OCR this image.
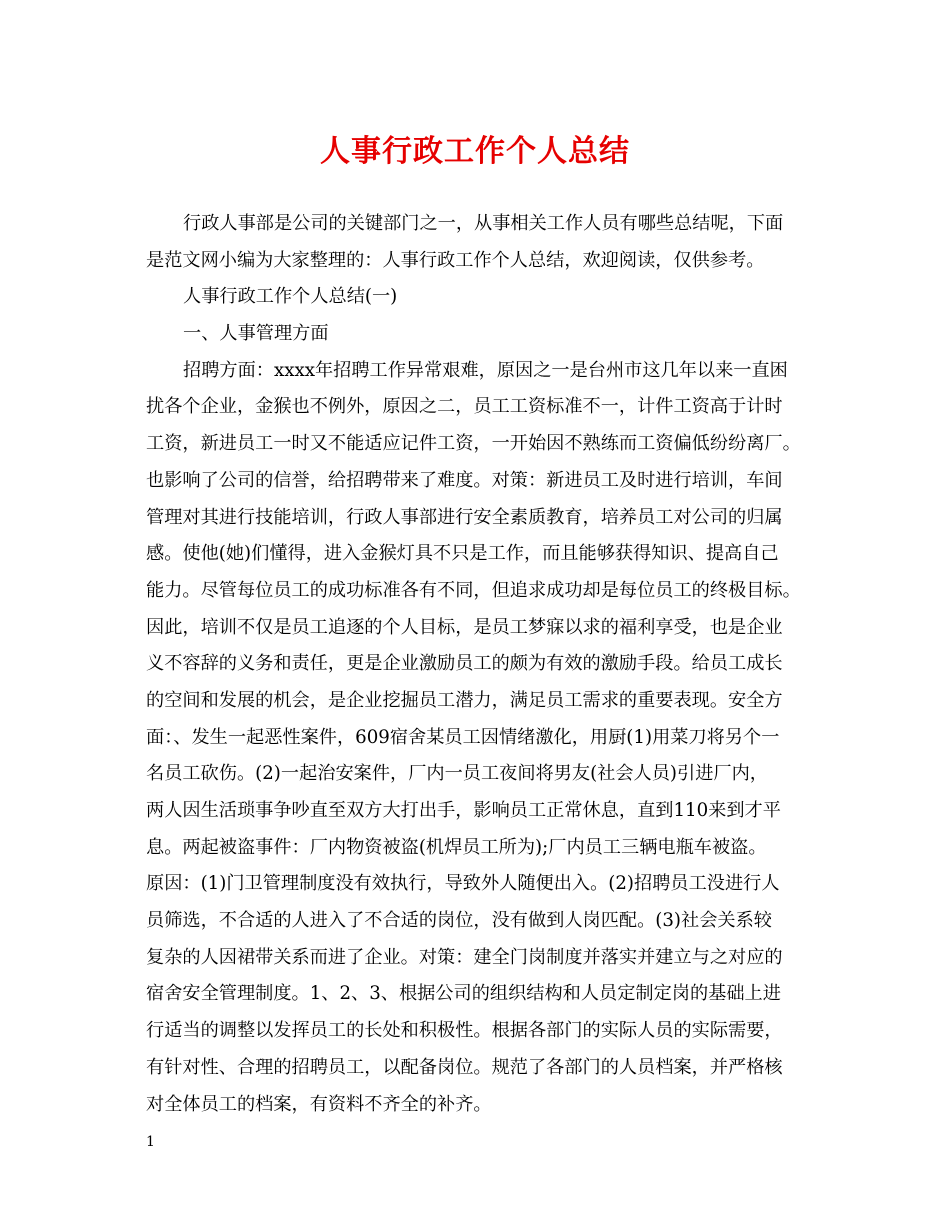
人事行政工作个人总结
行政人事部是公司的关键部门之一，从事相关工作人员有哪些总结呢，下面
是范文网小编为大家整理的：人事行政工作个人总结，欢迎阅读，仅供参考。
人事行政工作个人总结(一)
一、人事管理方面
招聘方面：xxxx年招聘工作异常艰难，原因之一是台州市这几年以来一直困
扰各个企业，金猴也不例外，原因之二，员工工资标准不一，计件工资高于计时
工资，新进员工一时又不能适应记件工资，一开始因不熟练而工资偏低纷纷离厂。
也影响了公司的信誉，给招聘带来了难度。对策：新进员工及时进行培训，车间
管理对其进行技能培训，行政人事部进行安全素质教育，培养员工对公司的归属
感。使他(她)们懂得，进入金猴灯具不只是工作，而且能够获得知识、提高自己
能力。尽管每位员工的成功标准各有不同，但追求成功却是每位员工的终极目标。
因此，培训不仅是员工追逐的个人目标，是员工梦寐以求的福利享受，也是企业
义不容辞的义务和责任，更是企业激励员工的颇为有效的激励手段。给员工成长
的空间和发展的机会，是企业挖掘员工潜力，满足员工需求的重要表现。安全方
面：、发生一起恶性案件，609宿舍某员工因情绪激化，用厨(1)用菜刀将另个一
名员工砍伤。(2)一起治安案件，厂内一员工夜间将男友(社会人员)引进厂内，
两人因生活琐事争吵直至双方大打出手，影响员工正常休息，直到110来到才平
息。两起被盗事件：厂内物资被盗(机焊员工所为);厂内员工三辆电瓶车被盗。
原因：(1)门卫管理制度没有效执行，导致外人随便出入。(2)招聘员工没进行人
员筛选，不合适的人进入了不合适的岗位，没有做到人岗匹配。(3)社会关系较
复杂的人因裙带关系而进了企业。对策：建全门岗制度并落实并建立与之对应的
宿舍安全管理制度。1、2、3、根据公司的组织结构和人员定制定岗的基础上进
行适当的调整以发挥员工的长处和积极性。根据各部门的实际人员的实际需要，
有针对性、合理的招聘员工，以配备岗位。规范了各部门的人员档案，并严格核
对全体员工的档案，有资料不齐全的补齐。
1
